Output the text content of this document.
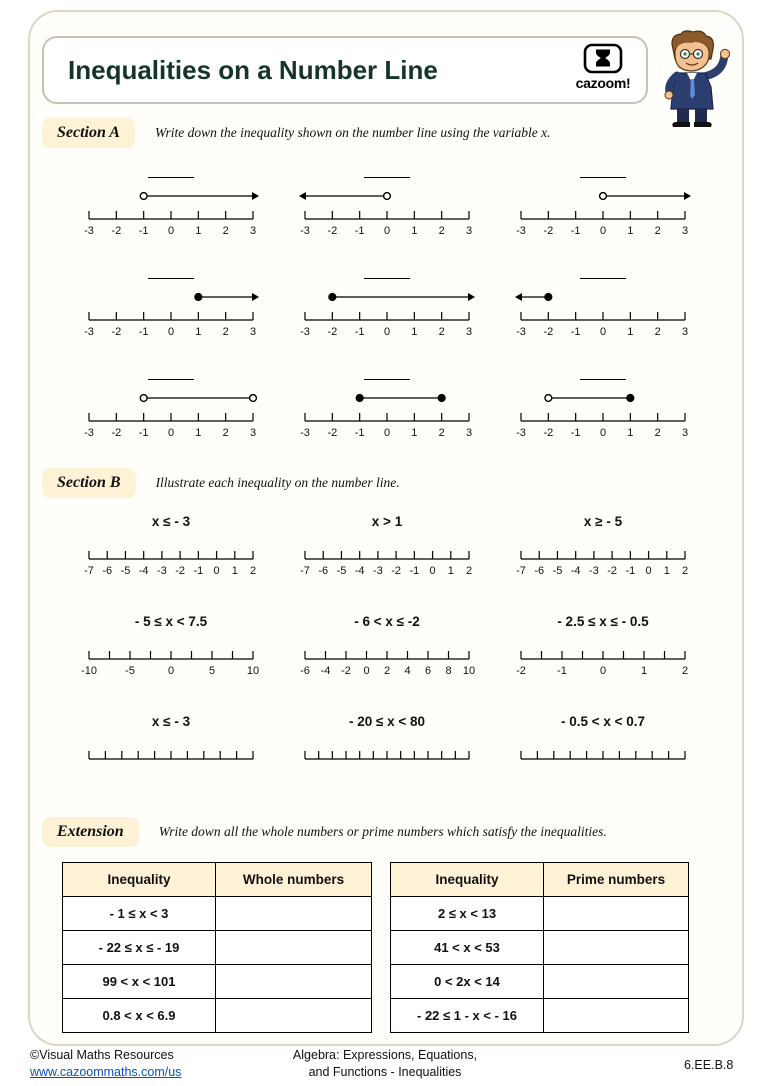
Inequalities on a Number Line	cazoom!
Section A	Write down the inequality shown on the number line using the variable x.
-3 -2 -1 0 1 2 3	-3 -2 -1 0 1 2 3	-3 -2 -1 0 1 2 3
-3 -2 -1 0 1 2 3	-3 -2 -1 0 1 2 3	-3 -2 -1 0 1 2 3
-3 -2 -1 0 1 2 3	-3 -2 -1 0 1 2 3	-3 -2 -1 0 1 2 3
Section B	Illustrate each inequality on the number line.
x ≤ - 3
-7 -6 -5 -4 -3 -2 -1 0 1 2
x > 1
-7 -6 -5 -4 -3 -2 -1 0 1 2
x ≥ - 5
-7 -6 -5 -4 -3 -2 -1 0 1 2
- 5 ≤ x < 7.5
-10	-5	0	5	10
- 6 < x ≤ -2
-6 -4 -2 0 2 4 6 8 10
- 2.5 ≤ x ≤ - 0.5
-2	-1	0	1	2
x ≤ - 3	- 20 ≤ x < 80	- 0.5 < x < 0.7
Extension	Write down all the whole numbers or prime numbers which satisfy the inequalities.
Inequality	Whole numbers
- 1 ≤ x < 3	
- 22 ≤ x ≤ - 19	
99 < x < 101	
0.8 < x < 6.9	
Inequality	Prime numbers
2 ≤ x < 13	
41 < x < 53	
0 < 2x < 14	
- 22 ≤ 1 - x < - 16	
©Visual Maths Resources
www.cazoommaths.com/us
Algebra: Expressions, Equations,
and Functions - Inequalities	6.EE.B.8
